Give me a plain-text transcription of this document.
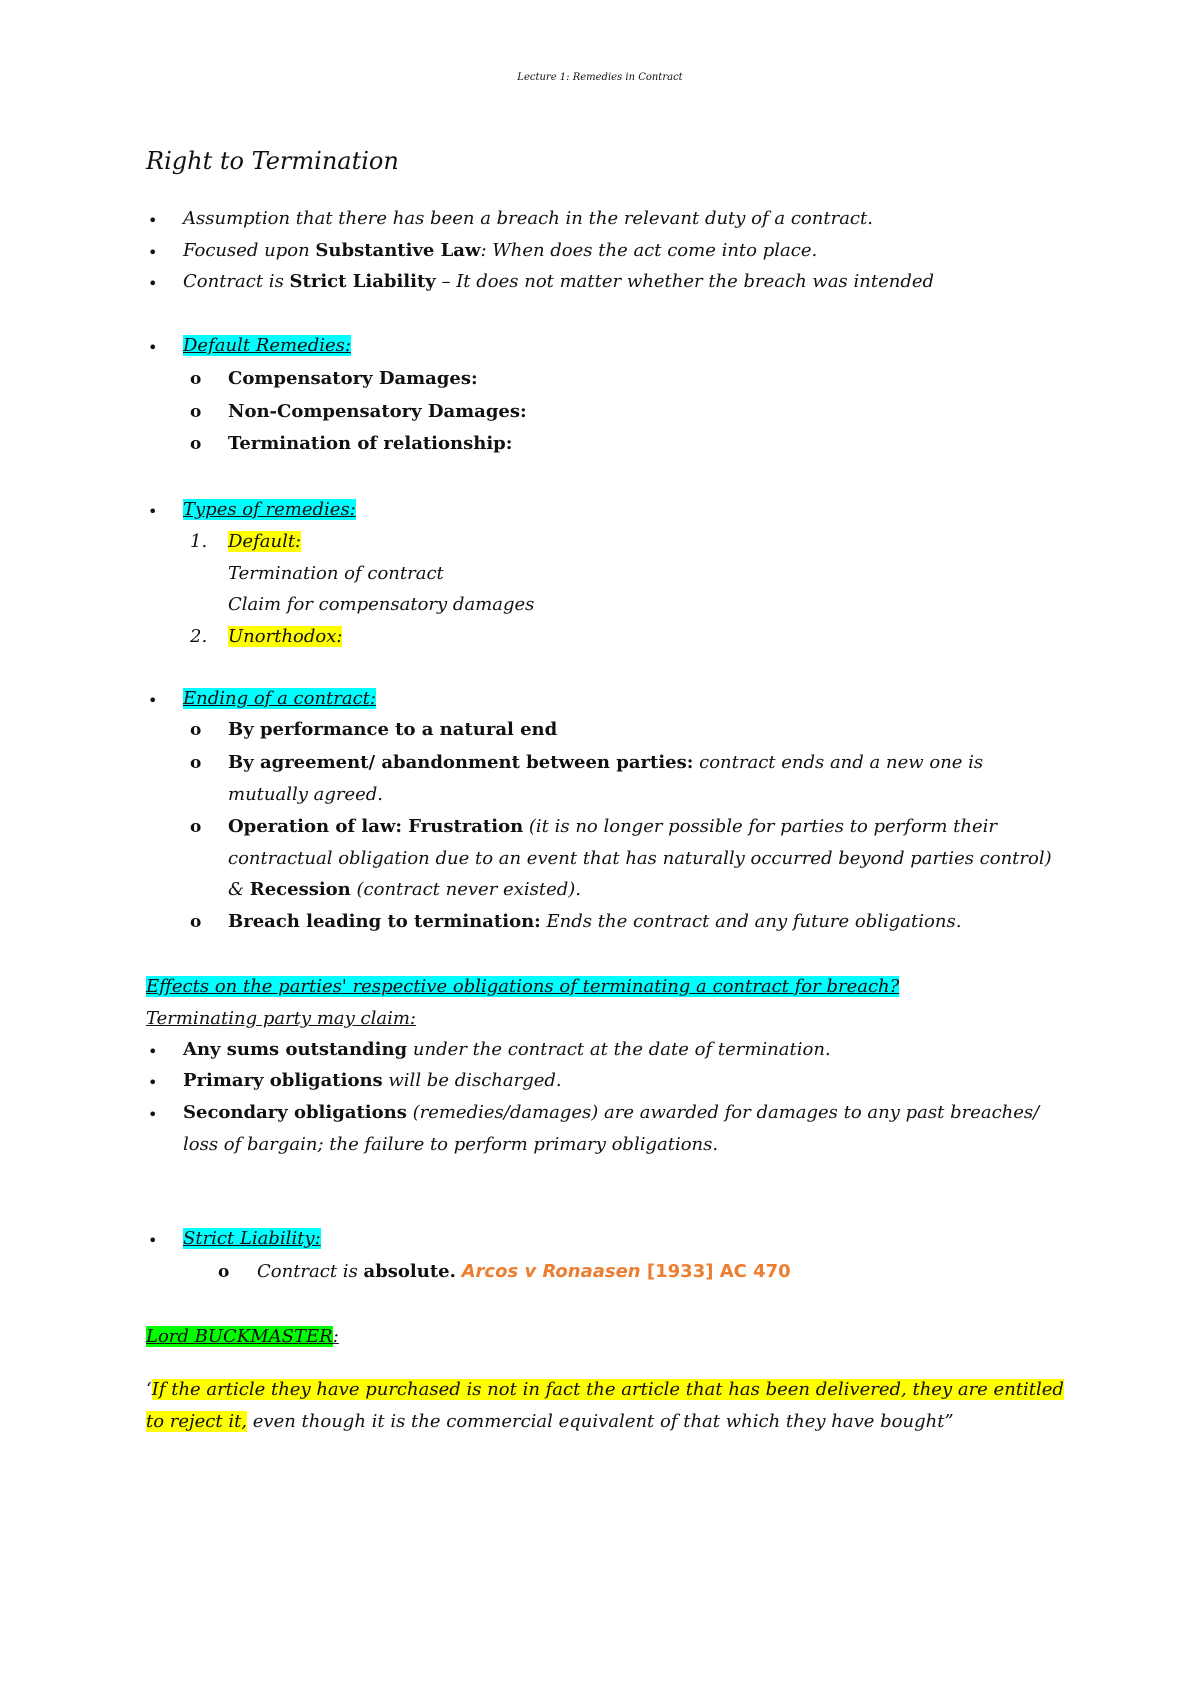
Lecture 1: Remedies in Contract
Right to Termination
• Assumption that there has been a breach in the relevant duty of a contract.
• Focused upon Substantive Law: When does the act come into place.
• Contract is Strict Liability – It does not matter whether the breach was intended
• Default Remedies:
o Compensatory Damages:
o Non-Compensatory Damages:
o Termination of relationship:
• Types of remedies:
1. Default:
Termination of contract
Claim for compensatory damages
2. Unorthodox:
• Ending of a contract:
o By performance to a natural end
o By agreement/ abandonment between parties: contract ends and a new one is
mutually agreed.
o Operation of law: Frustration (it is no longer possible for parties to perform their
contractual obligation due to an event that has naturally occurred beyond parties control)
& Recession (contract never existed).
o Breach leading to termination: Ends the contract and any future obligations.
Effects on the parties' respective obligations of terminating a contract for breach?
Terminating party may claim:
• Any sums outstanding under the contract at the date of termination.
• Primary obligations will be discharged.
• Secondary obligations (remedies/damages) are awarded for damages to any past breaches/
loss of bargain; the failure to perform primary obligations.
• Strict Liability:
o Contract is absolute. Arcos v Ronaasen [1933] AC 470
Lord BUCKMASTER:
‘If the article they have purchased is not in fact the article that has been delivered, they are entitled
to reject it, even though it is the commercial equivalent of that which they have bought”
